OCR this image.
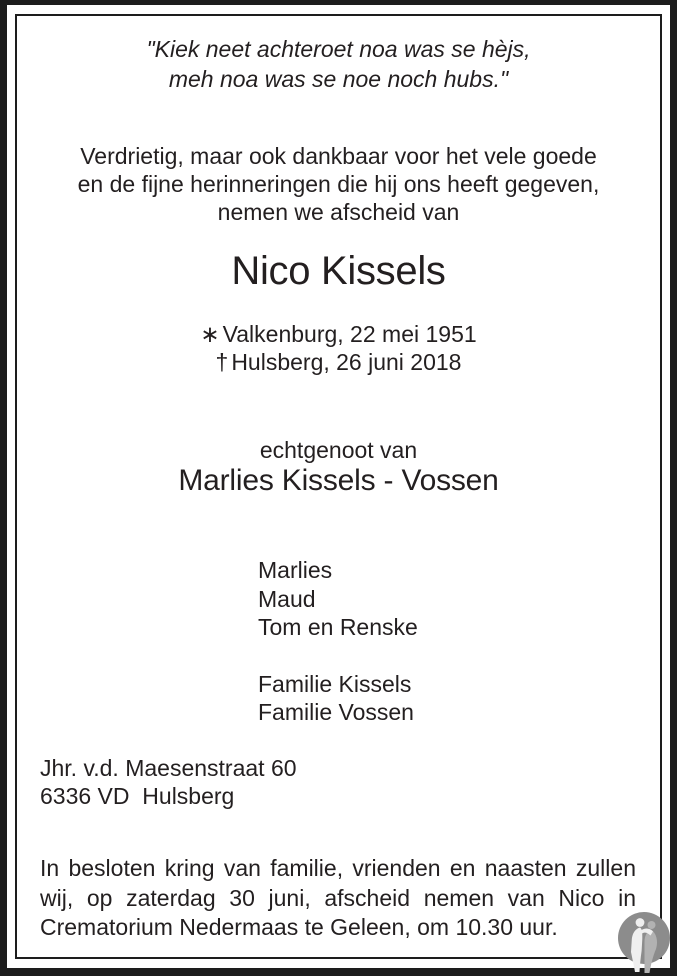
"Kiek neet achteroet noa was se hèjs,
meh noa was se noe noch hubs."
Verdrietig, maar ook dankbaar voor het vele goede
en de fijne herinneringen die hij ons heeft gegeven,
nemen we afscheid van
Nico Kissels
∗ Valkenburg, 22 mei 1951
† Hulsberg, 26 juni 2018
echtgenoot van
Marlies Kissels - Vossen
Marlies
Maud
Tom en Renske
Familie Kissels
Familie Vossen
Jhr. v.d. Maesenstraat 60
6336 VD  Hulsberg
In besloten kring van familie, vrienden en naasten zullen
wij, op zaterdag 30 juni, afscheid nemen van Nico in
Crematorium Nedermaas te Geleen, om 10.30 uur.
